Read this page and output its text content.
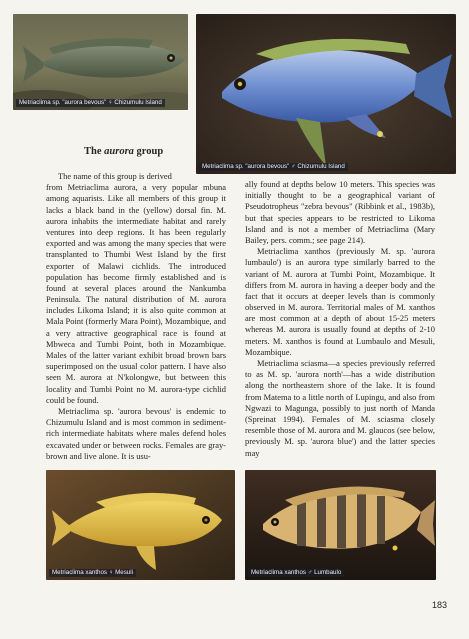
Metriaclima sp. "aurora bevous" ♀ Chizumulu Island
Metriaclima sp. "aurora bevous" ♂ Chizumulu Island
The aurora group

The name of this group is derived

from Metriaclima aurora, a very popular mbuna among aquarists. Like all members of this group it lacks a black band in the (yellow) dorsal fin. M. aurora inhabits the intermediate habitat and rarely ventures into deep regions. It has been regularly exported and was among the many species that were transplanted to Thumbi West Island by the first exporter of Malawi cichlids. The introduced population has become firmly established and is found at several places around the Nankumba Peninsula. The natural distribution of M. aurora includes Likoma Island; it is also quite common at Mala Point (formerly Mara Point), Mozambique, and a very attractive geographical race is found at Mbweca and Tumbi Point, both in Mozambique. Males of the latter variant exhibit broad brown bars superimposed on the usual color pattern. I have also seen M. aurora at N'kolongwe, but between this locality and Tumbi Point no M. aurora-type cichlid could be found.

Metriaclima sp. 'aurora bevous' is endemic to Chizumulu Island and is most common in sediment-rich intermediate habitats where males defend holes excavated under or between rocks. Females are gray-brown and live alone. It is usu-

ally found at depths below 10 meters. This species was initially thought to be a geographical variant of Pseudotropheus "zebra bevous" (Ribbink et al., 1983b), but that species appears to be restricted to Likoma Island and is not a member of Metriaclima (Mary Bailey, pers. comm.; see page 214).

Metriaclima xanthos (previously M. sp. 'aurora lumbaulo') is an aurora type similarly barred to the variant of M. aurora at Tumbi Point, Mozambique. It differs from M. aurora in having a deeper body and the fact that it occurs at deeper levels than is commonly observed in M. aurora. Territorial males of M. xanthos are most common at a depth of about 15-25 meters whereas M. aurora is usually found at depths of 2-10 meters. M. xanthos is found at Lumbaulo and Mesuli, Mozambique.

Metriaclima sciasma—a species previously referred to as M. sp. 'aurora north'—has a wide distribution along the northeastern shore of the lake. It is found from Matema to a little north of Lupingu, and also from Ngwazi to Magunga, possibly to just north of Manda (Spreinat 1994). Females of M. sciasma closely resemble those of M. aurora and M. glaucos (see below, previously M. sp. 'aurora blue') and the latter species may

Metriaclima xanthos ♀ Mesuli	Metriaclima xanthos ♂ Lumbaulo
183
